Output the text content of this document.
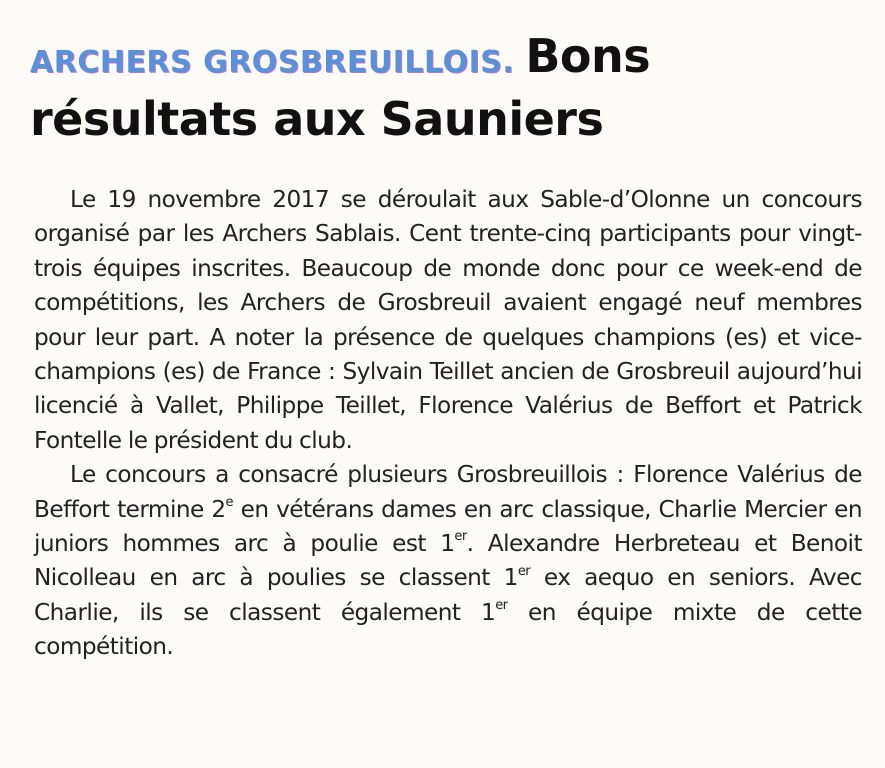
ARCHERS GROSBREUILLOIS. Bons résultats aux Sauniers

Le 19 novembre 2017 se déroulait aux Sable-d’Olonne un concours organisé par les Archers Sablais. Cent trente-cinq participants pour vingt-trois équipes inscrites. Beaucoup de monde donc pour ce week-end de compétitions, les Archers de Grosbreuil avaient engagé neuf membres pour leur part. A noter la présence de quelques champions (es) et vice-champions (es) de France : Sylvain Teillet ancien de Grosbreuil aujourd’hui licencié à Vallet, Philippe Teillet, Florence Valérius de Beffort et Patrick Fontelle le président du club.

Le concours a consacré plusieurs Grosbreuillois : Florence Valérius de Beffort termine 2e en vétérans dames en arc classique, Charlie Mercier en juniors hommes arc à poulie est 1er. Alexandre Herbreteau et Benoit Nicolleau en arc à poulies se classent 1er ex aequo en seniors. Avec Charlie, ils se classent également 1er en équipe mixte de cette compétition.
